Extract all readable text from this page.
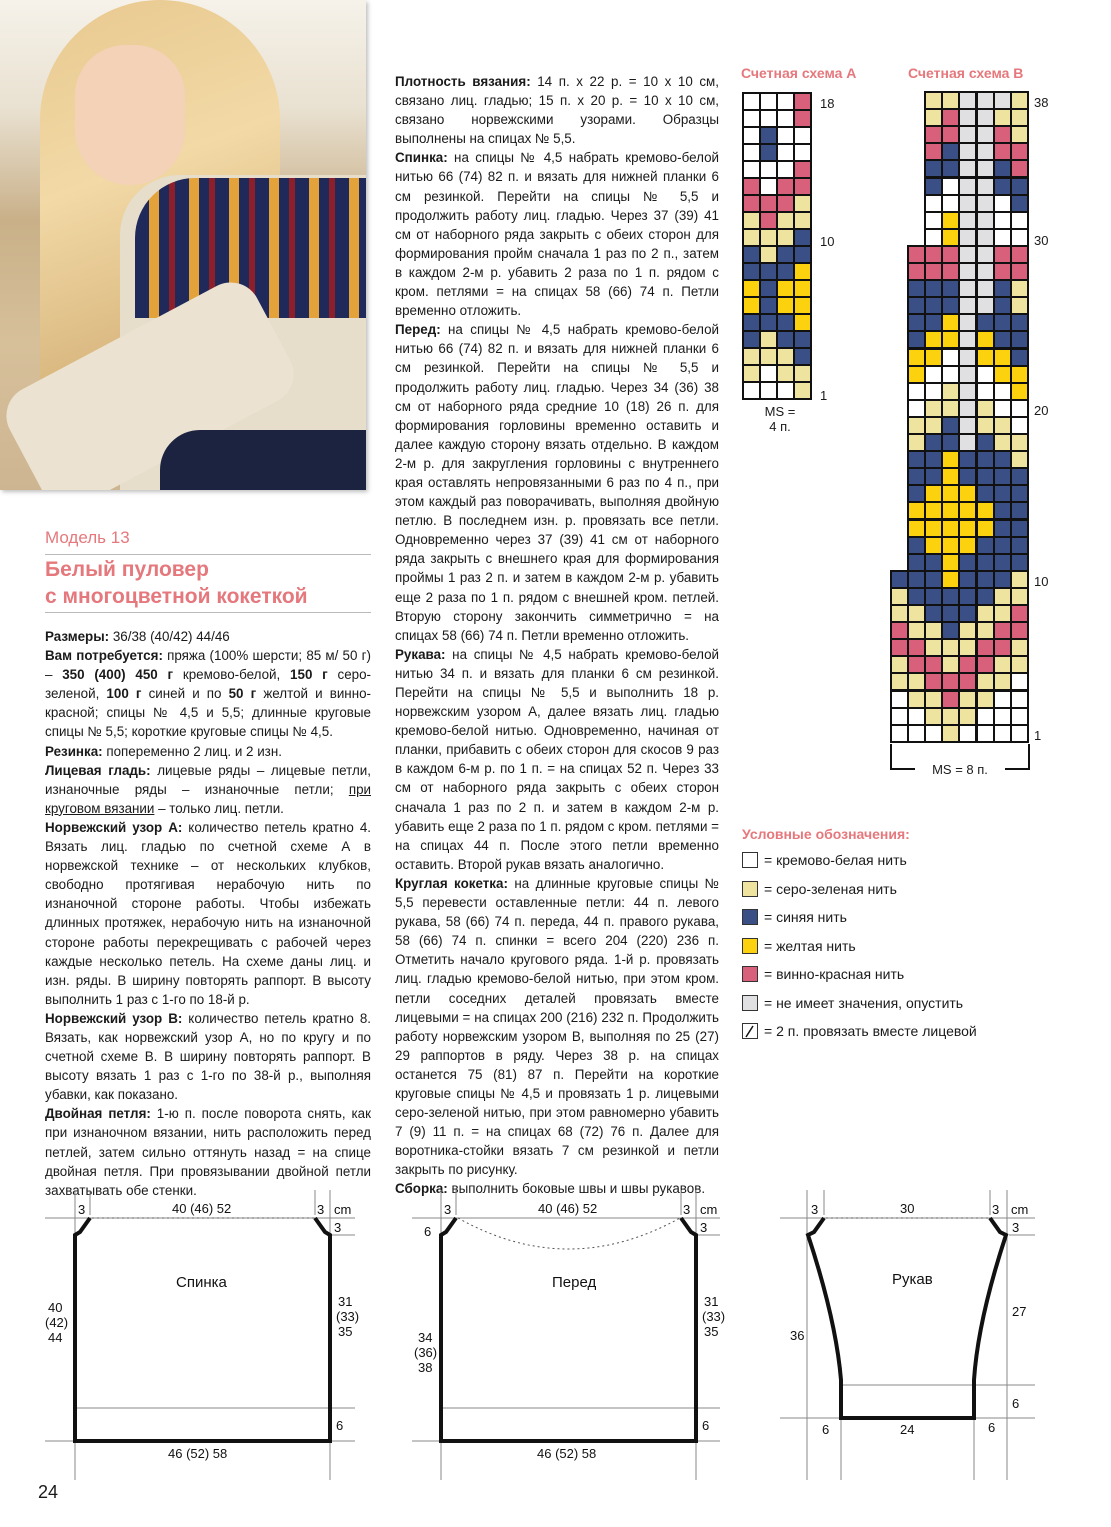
Модель 13
Белый пуловер
с многоцветной кокеткой

Размеры: 36/38 (40/42) 44/46

Вам потребуется: пряжа (100% шерсти; 85 м/ 50 г) – 350 (400) 450 г кремово-белой, 150 г серо-зеленой, 100 г синей и по 50 г желтой и винно-красной; спицы № 4,5 и 5,5; длинные круговые спицы № 5,5; короткие круговые спицы № 4,5.

Резинка: попеременно 2 лиц. и 2 изн.

Лицевая гладь: лицевые ряды – лицевые петли, изнаночные ряды – изнаночные петли; при круговом вязании – только лиц. петли.

Норвежский узор A: количество петель кратно 4. Вязать лиц. гладью по счетной схеме А в норвежской технике – от нескольких клубков, свободно протягивая нерабочую нить по изнаночной стороне работы. Чтобы избежать длинных протяжек, нерабочую нить на изнаночной стороне работы перекрещивать с рабочей через каждые несколько петель. На схеме даны лиц. и изн. ряды. В ширину повторять раппорт. В высоту выполнить 1 раз с 1-го по 18-й р.

Норвежский узор B: количество петель кратно 8. Вязать, как норвежский узор А, но по кругу и по счетной схеме В. В ширину повторять раппорт. В высоту вязать 1 раз с 1-го по 38-й р., выполняя убавки, как показано.

Двойная петля: 1-ю п. после поворота снять, как при изнаночном вязании, нить расположить перед петлей, затем сильно оттянуть назад = на спице двойная петля. При провязывании двойной петли захватывать обе стенки.

Плотность вязания: 14 п. х 22 р. = 10 х 10 см, связано лиц. гладью; 15 п. х 20 р. = 10 х 10 см, связано норвежскими узорами. Образцы выполнены на спицах № 5,5.

Спинка: на спицы № 4,5 набрать кремово-белой нитью 66 (74) 82 п. и вязать для нижней планки 6 см резинкой. Перейти на спицы № 5,5 и продолжить работу лиц. гладью. Через 37 (39) 41 см от наборного ряда закрыть с обеих сторон для формирования пройм сначала 1 раз по 2 п., затем в каждом 2-м р. убавить 2 раза по 1 п. рядом с кром. петлями = на спицах 58 (66) 74 п. Петли временно отложить.

Перед: на спицы № 4,5 набрать кремово-белой нитью 66 (74) 82 п. и вязать для нижней планки 6 см резинкой. Перейти на спицы № 5,5 и продолжить работу лиц. гладью. Через 34 (36) 38 см от наборного ряда средние 10 (18) 26 п. для формирования горловины временно оставить и далее каждую сторону вязать отдельно. В каждом 2-м р. для закругления горловины с внутреннего края оставлять непровязанными 6 раз по 4 п., при этом каждый раз поворачивать, выполняя двойную петлю. В последнем изн. р. провязать все петли. Одновременно через 37 (39) 41 см от наборного ряда закрыть с внешнего края для формирования проймы 1 раз 2 п. и затем в каждом 2-м р. убавить еще 2 раза по 1 п. рядом с внешней кром. петлей. Вторую сторону закончить симметрично = на спицах 58 (66) 74 п. Петли временно отложить.

Рукава: на спицы № 4,5 набрать кремово-белой нитью 34 п. и вязать для планки 6 см резинкой. Перейти на спицы № 5,5 и выполнить 18 р. норвежским узором А, далее вязать лиц. гладью кремово-белой нитью. Одновременно, начиная от планки, прибавить с обеих сторон для скосов 9 раз в каждом 6-м р. по 1 п. = на спицах 52 п. Через 33 см от наборного ряда закрыть с обеих сторон сначала 1 раз по 2 п. и затем в каждом 2-м р. убавить еще 2 раза по 1 п. рядом с кром. петлями = на спицах 44 п. После этого петли временно оставить. Второй рукав вязать аналогично.

Круглая кокетка: на длинные круговые спицы № 5,5 перевести оставленные петли: 44 п. левого рукава, 58 (66) 74 п. переда, 44 п. правого рукава, 58 (66) 74 п. спинки = всего 204 (220) 236 п. Отметить начало кругового ряда. 1-й р. провязать лиц. гладью кремово-белой нитью, при этом кром. петли соседних деталей провязать вместе лицевыми = на спицах 200 (216) 232 п. Продолжить работу норвежским узором В, выполняя по 25 (27) 29 раппортов в ряду. Через 38 р. на спицах останется 75 (81) 87 п. Перейти на короткие круговые спицы № 4,5 и провязать 1 р. лицевыми серо-зеленой нитью, при этом равномерно убавить 7 (9) 11 п. = на спицах 68 (72) 76 п. Далее для воротника-стойки вязать 7 см резинкой и петли закрыть по рисунку.

Сборка: выполнить боковые швы и швы рукавов.

Счетная схема A
18
10
1
MS =
4 п.
Счетная схема B
38
30
20
10
1
MS = 8 п.
Условные обозначения:
= кремово-белая нить
= серо-зеленая нить
= синяя нить
= желтая нить
= винно-красная нить
= не имеет значения, опустить
= 2 п. провязать вместе лицевой
3	40 (46) 52	3 cm
3
Спинка
40
(42)
44
31
(33)
35
6
46 (52) 58
3	40 (46) 52	3 cm
3
6
Перед
34
(36)
38
31
(33)
35
6
46 (52) 58
3	30	3 cm
3
Рукав
36
27
6
6	24	6
24
